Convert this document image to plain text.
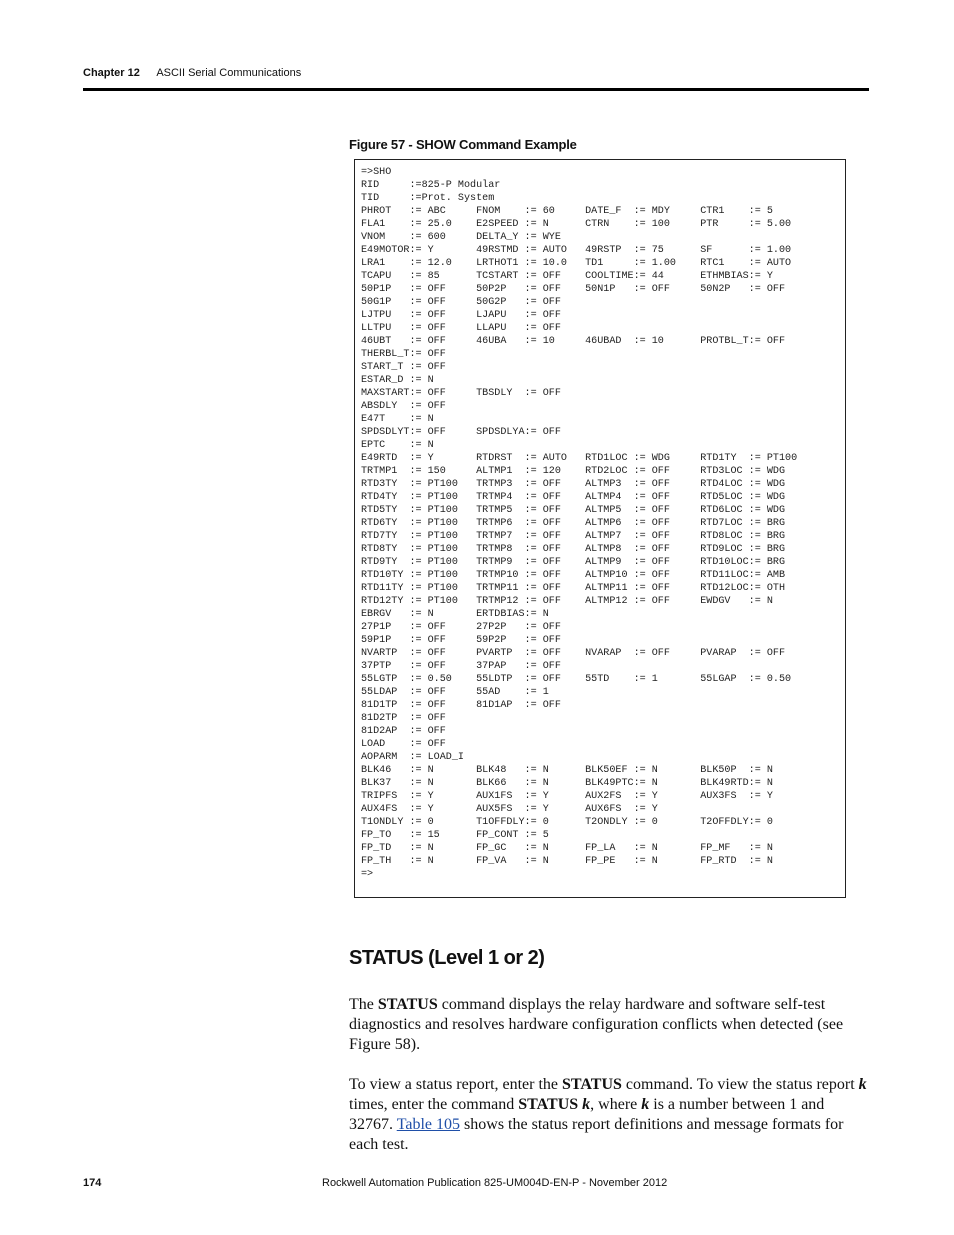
Chapter 12 ASCII Serial Communications
Figure 57 - SHOW Command Example
=>SHO
RID     :=825-P Modular
TID     :=Prot. System
PHROT   := ABC     FNOM    := 60     DATE_F  := MDY     CTR1    := 5
FLA1    := 25.0    E2SPEED := N      CTRN    := 100     PTR     := 5.00
VNOM    := 600     DELTA_Y := WYE
E49MOTOR:= Y       49RSTMD := AUTO   49RSTP  := 75      SF      := 1.00
LRA1    := 12.0    LRTHOT1 := 10.0   TD1     := 1.00    RTC1    := AUTO
TCAPU   := 85      TCSTART := OFF    COOLTIME:= 44      ETHMBIAS:= Y
50P1P   := OFF     50P2P   := OFF    50N1P   := OFF     50N2P   := OFF
50G1P   := OFF     50G2P   := OFF
LJTPU   := OFF     LJAPU   := OFF
LLTPU   := OFF     LLAPU   := OFF
46UBT   := OFF     46UBA   := 10     46UBAD  := 10      PROTBL_T:= OFF
THERBL_T:= OFF
START_T := OFF
ESTAR_D := N
MAXSTART:= OFF     TBSDLY  := OFF
ABSDLY  := OFF
E47T    := N
SPDSDLYT:= OFF     SPDSDLYA:= OFF
EPTC    := N
E49RTD  := Y       RTDRST  := AUTO   RTD1LOC := WDG     RTD1TY  := PT100
TRTMP1  := 150     ALTMP1  := 120    RTD2LOC := OFF     RTD3LOC := WDG
RTD3TY  := PT100   TRTMP3  := OFF    ALTMP3  := OFF     RTD4LOC := WDG
RTD4TY  := PT100   TRTMP4  := OFF    ALTMP4  := OFF     RTD5LOC := WDG
RTD5TY  := PT100   TRTMP5  := OFF    ALTMP5  := OFF     RTD6LOC := WDG
RTD6TY  := PT100   TRTMP6  := OFF    ALTMP6  := OFF     RTD7LOC := BRG
RTD7TY  := PT100   TRTMP7  := OFF    ALTMP7  := OFF     RTD8LOC := BRG
RTD8TY  := PT100   TRTMP8  := OFF    ALTMP8  := OFF     RTD9LOC := BRG
RTD9TY  := PT100   TRTMP9  := OFF    ALTMP9  := OFF     RTD10LOC:= BRG
RTD10TY := PT100   TRTMP10 := OFF    ALTMP10 := OFF     RTD11LOC:= AMB
RTD11TY := PT100   TRTMP11 := OFF    ALTMP11 := OFF     RTD12LOC:= OTH
RTD12TY := PT100   TRTMP12 := OFF    ALTMP12 := OFF     EWDGV   := N
EBRGV   := N       ERTDBIAS:= N
27P1P   := OFF     27P2P   := OFF
59P1P   := OFF     59P2P   := OFF
NVARTP  := OFF     PVARTP  := OFF    NVARAP  := OFF     PVARAP  := OFF
37PTP   := OFF     37PAP   := OFF
55LGTP  := 0.50    55LDTP  := OFF    55TD    := 1       55LGAP  := 0.50
55LDAP  := OFF     55AD    := 1
81D1TP  := OFF     81D1AP  := OFF
81D2TP  := OFF
81D2AP  := OFF
LOAD    := OFF
AOPARM  := LOAD_I
BLK46   := N       BLK48   := N      BLK50EF := N       BLK50P  := N
BLK37   := N       BLK66   := N      BLK49PTC:= N       BLK49RTD:= N
TRIPFS  := Y       AUX1FS  := Y      AUX2FS  := Y       AUX3FS  := Y
AUX4FS  := Y       AUX5FS  := Y      AUX6FS  := Y
T1ONDLY := 0       T1OFFDLY:= 0      T2ONDLY := 0       T2OFFDLY:= 0
FP_TO   := 15      FP_CONT := 5
FP_TD   := N       FP_GC   := N      FP_LA   := N       FP_MF   := N
FP_TH   := N       FP_VA   := N      FP_PE   := N       FP_RTD  := N
=>
STATUS (Level 1 or 2)
The STATUS command displays the relay hardware and software self-test diagnostics and resolves hardware configuration conflicts when detected (see Figure 58).
To view a status report, enter the STATUS command. To view the status report k times, enter the command STATUS k, where k is a number between 1 and 32767. Table 105 shows the status report definitions and message formats for each test.
174	Rockwell Automation Publication 825-UM004D-EN-P - November 2012
